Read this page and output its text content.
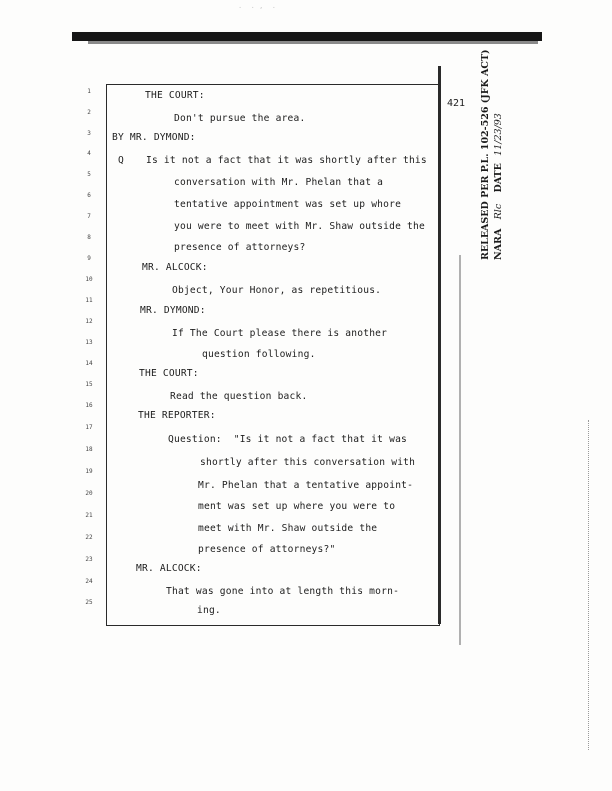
.  . ,  .
421 RELEASED PER P.L. 102-526 (JFK ACT) NARA Rlc DATE 11/23/93
1
2
3
4
5
6
7
8
9
10
11
12
13
14
15
16
17
18
19
20
21
22
23
24
25
THE COURT:
Don't pursue the area.
BY MR. DYMOND:
Q Is it not a fact that it was shortly after this
conversation with Mr. Phelan that a
tentative appointment was set up whore
you were to meet with Mr. Shaw outside the
presence of attorneys?
MR. ALCOCK:
Object, Your Honor, as repetitious.
MR. DYMOND:
If The Court please there is another
question following.
THE COURT:
Read the question back.
THE REPORTER:
Question:  "Is it not a fact that it was
shortly after this conversation with
Mr. Phelan that a tentative appoint-
ment was set up where you were to
meet with Mr. Shaw outside the
presence of attorneys?"
MR. ALCOCK:
That was gone into at length this morn-
ing.
